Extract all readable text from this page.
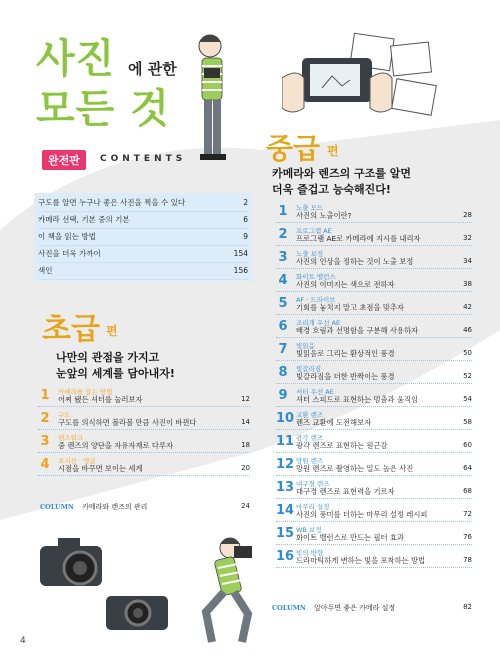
사진 에 관한
모든 것
완전판	CONTENTS
구도를 알면 누구나 좋은 사진을 찍을 수 있다	2
카메라 선택, 기본 중의 기본	6
이 책을 읽는 방법	9
사진을 더욱 가까이	154
색인	156
초급 편
나만의 관점을 가지고
눈앞의 세계를 담아내자!
1	카메라를 잡는 방법
어찌 됐든 셔터를 눌러보자	12
2	구도
구도를 의식하면 볼라볼 만큼 사진이 바뀐다	14
3	렌즈워크
줌 렌즈의 양단을 자유자재로 다루자	18
4	포지션 · 앵글
시점을 바꾸면 보이는 세계	20
COLUMN 카메라와 렌즈의 관리	24
중급 편
카메라와 렌즈의 구조를 알면
더욱 즐겁고 능숙해진다!
1	노출 모드
사진의 노출이란?	28
2	프로그램 AE
프로그램 AE로 카메라에 지시를 내리자	32
3	노출 보정
사진의 인상을 정하는 것이 노출 보정	34
4	화이트 밸런스
사진의 이미지는 색으로 전하자	38
5	AF · 드라이브
기회를 놓치지 말고 초점을 맞추자	42
6	조리개 우선 AE
배경 흐림과 선명함을 구분해 사용하자	46
7	빛읽음
빛읽음로 그리는 환상적인 풍경	50
8	빛갈라짐
빛갈라짐을 더한 반짝이는 풍경	52
9	셔터 우선 AE
셔터 스피드로 표현하는 멈춤과 움직임	54
10 교환 렌즈
렌즈 교환에 도전해보자	58
11 광각 렌즈
광각 렌즈로 표현하는 원근감	60
12 망원 렌즈
망원 렌즈로 촬영하는 밀도 높은 사진	64
13 대구경 렌즈
대구경 렌즈로 표현력을 기르자	68
14 마무리 설정
사진의 풍미를 더하는 마무리 설정 레시피	72
15 WB 보정
화이트 밸런스로 만드는 필터 효과	76
16 빛의 방향
드라마틱하게 변하는 빛을 포착하는 방법	78
COLUMN 알아두면 좋은 카메라 설정	82
4
